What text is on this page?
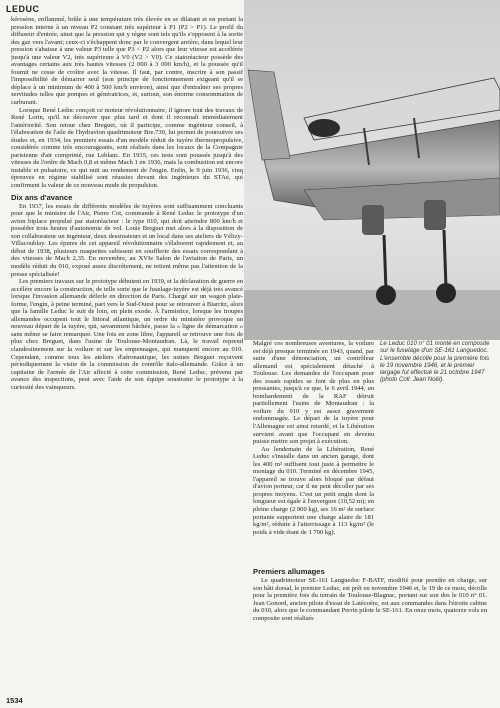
LEDUC

kérosène, enflammé, brûle à une température très élevée en se dilatant et en portant la pression interne à un niveau P2 constant très supérieur à P1 (P2 > P1). Le profil du diffuseur d'entrée, ainsi que la pression qui y règne sont tels qu'ils s'opposent à la sortie des gaz vers l'avant; ceux-ci s'échappent donc par le convergent arrière, dans lequel leur pression s'abaisse à une valeur P3 telle que P3 < P2 alors que leur vitesse est accélérée jusqu'à une valeur V2, très supérieure à V0 (V2 > V0). Ce statoréacteur possède des avantages certains aux très hautes vitesses (2 000 à 3 000 km/h), et la poussée qu'il fournit ne cesse de croître avec la vitesse. Il faut, par contre, inscrire à son passif l'impossibilité de démarrer seul (son principe de fonctionnement exigeant qu'il se déplace à un minimum de 400 à 500 km/h environ), ainsi que d'entraîner ses propres servitudes telles que pompes et génératrices, et, surtout, son énorme consommation de carburant.

Lorsque René Leduc conçoit ce moteur révolutionnaire, il ignore tout des travaux de René Lorin, qu'il ne découvre que plus tard et dont il reconnaît immédiatement l'antériorité. Son retour chez Breguet, où il participe, comme ingénieur conseil, à l'élaboration de l'aile de l'hydravion quadrimoteur Bre.730, lui permet de poursuivre ses études et, en 1934, les premiers essais d'un modèle réduit de tuyère thermopropulsive, considérés comme très encourageants, sont réalisés dans les locaux de la Compagnie parisienne d'air comprimé, rue Leblanc. En 1935, ces tests sont poussés jusqu'à des vitesses de l'ordre de Mach 0,8 et même Mach 1 en 1936, mais la combustion est encore instable et pulsatoire, ce qui nuit au rendement de l'engin. Enfin, le 9 juin 1936, cinq épreuves en régime stabilisé sont réussies devant des ingénieurs du STAé, qui confirment la valeur de ce nouveau mode de propulsion.

Dix ans d'avance

En 1937, les essais de différents modèles de tuyères sont suffisamment concluants pour que le ministre de l'Air, Pierre Cot, commande à René Leduc le prototype d'un avion biplace propulsé par statoréacteur : le type 010, qui doit atteindre 800 km/h et posséder trois heures d'autonomie de vol. Louis Breguet met alors à la disposition de son collaborateur un ingénieur, deux dessinateurs et un local dans ses ateliers de Vélizy-Villacoublay. Les épures de cet appareil révolutionnaire s'élaborent rapidement et, au début de 1938, plusieurs maquettes subissent en soufflerie des essais correspondant à des vitesses de Mach 2,35. En novembre, au XVIe Salon de l'aviation de Paris, un modèle réduit du 010, exposé assez discrètement, ne retient même pas l'attention de la presse spécialisée!

Les premiers travaux sur le prototype débutent en 1939, et la déclaration de guerre en accélère encore la construction, de telle sorte que le fuselage-tuyère est déjà très avancé lorsque l'invasion allemande déferle en direction de Paris. Chargé sur un wagon plate-forme, l'engin, à peine terminé, part vers le Sud-Ouest pour se retrouver à Biarritz, alors que la famille Leduc le suit de loin, en plein exode. À l'armistice, lorsque les troupes allemandes occupent tout le littoral atlantique, un ordre du ministère provoque un nouveau départ de la tuyère, qui, savamment bâchée, passe la « ligne de démarcation » sans même se faire remarquer. Une fois en zone libre, l'appareil se retrouve une fois de plus chez Breguet, dans l'usine de Toulouse-Montaudran. Là, le travail reprend clandestinement sur la voilure et sur les empennages, qui manquent encore au 010. Cependant, comme tous les ateliers d'aéronautique, les usines Breguet reçoivent périodiquement la visite de la commission de contrôle italo-allemande. Grâce à un capitaine de l'armée de l'Air affecté à cette commission, René Leduc, prévenu par avance des inspections, peut avec l'aide de son équipe soustraire le prototype à la curiosité des vainqueurs.

Malgré ces nombreuses aventures, la voilure est déjà presque terminée en 1943, quand, par suite d'une dénonciation, un contrôleur allemand est spécialement détaché à Toulouse. Les demandes de l'occupant pour des essais rapides se font de plus en plus pressantes, jusqu'à ce que, le 6 avril 1944, un bombardement de la RAF détruit partiellement l'usine de Montaudran : la voilure du 010 y est assez gravement endommagée. Le départ de la tuyère pour l'Allemagne est ainsi retardé, et la Libération survient avant que l'occupant en devenu puisse mettre son projet à exécution.

Au lendemain de la Libération, René Leduc s'installe dans un ancien garage, dont les 400 m² suffisent tout juste à permettre le montage du 010. Terminé en décembre 1945, l'appareil se trouve alors bloqué par défaut d'avion porteur, car il ne peut décoller par ses propres moyens. C'est un petit engin dont la longueur est égale à l'envergure (10,52 m); en pleine charge (2 900 kg), ses 16 m² de surface portante supportent une charge alaire de 181 kg/m², réduite à l'atterrissage à 113 kg/m² (le poids à vide étant de 1 700 kg).

Le Leduc 010 n° 01 monté en composite sur le fuselage d'un SE-161 Languedoc. L'ensemble décolle pour la première fois le 19 novembre 1946, et le premier largage fut effectué le 21 octobre 1947 (photo Coll. Jean Noël).
Premiers allumages

Le quadrimoteur SE-161 Languedoc F-BATF, modifié pour prendre en charge, sur son bâti dorsal, le premier Leduc, est prêt en novembre 1946 et, le 19 de ce mois, décolle pour la première fois du terrain de Toulouse-Blagnac, portant sur son dos le 010 n° 01. Jean Gonord, ancien pilote d'essai de Latécoère, est aux commandes dans l'étroite cabine du 010, alors que le commandant Perrin pilote le SE-161. En onze mois, quatorze vols en composite sont réalisés

1534
